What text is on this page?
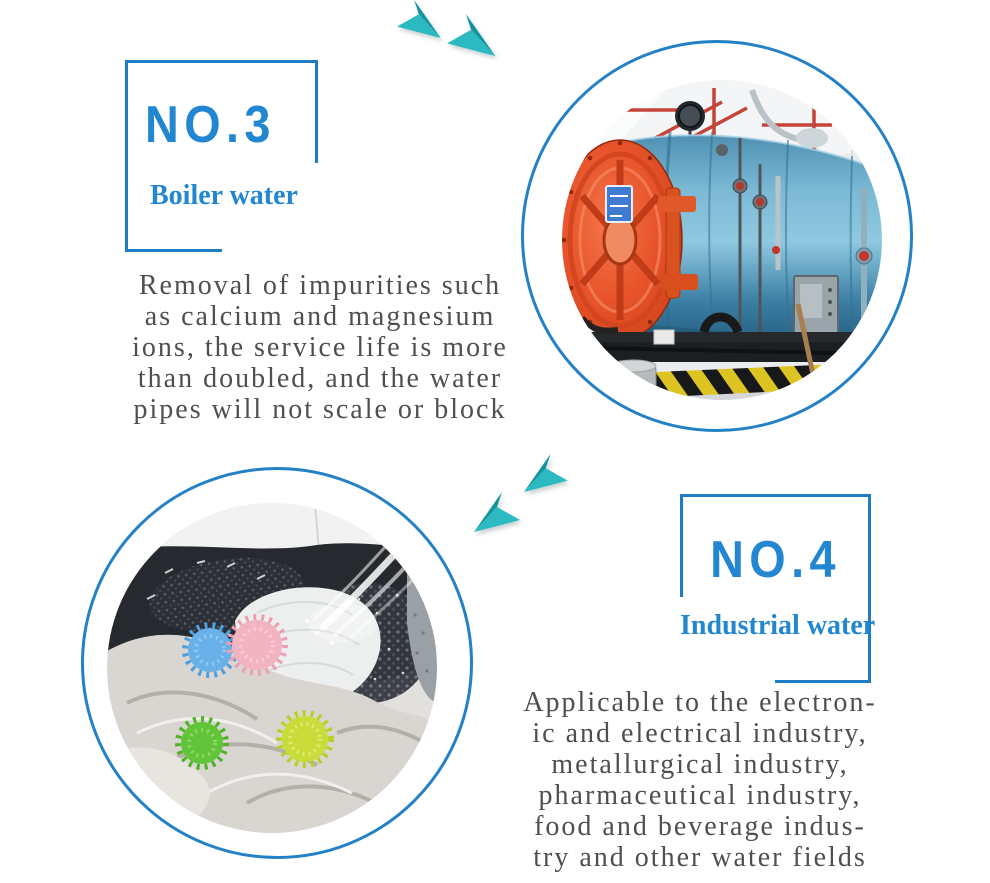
NO.3
Boiler water
Removal of impurities such
as calcium and magnesium
ions, the service life is more
than doubled, and the water
pipes will not scale or block
NO.4
Industrial water
Applicable to the electron-
ic and electrical industry,
metallurgical industry,
pharmaceutical industry,
food and beverage indus-
try and other water fields
